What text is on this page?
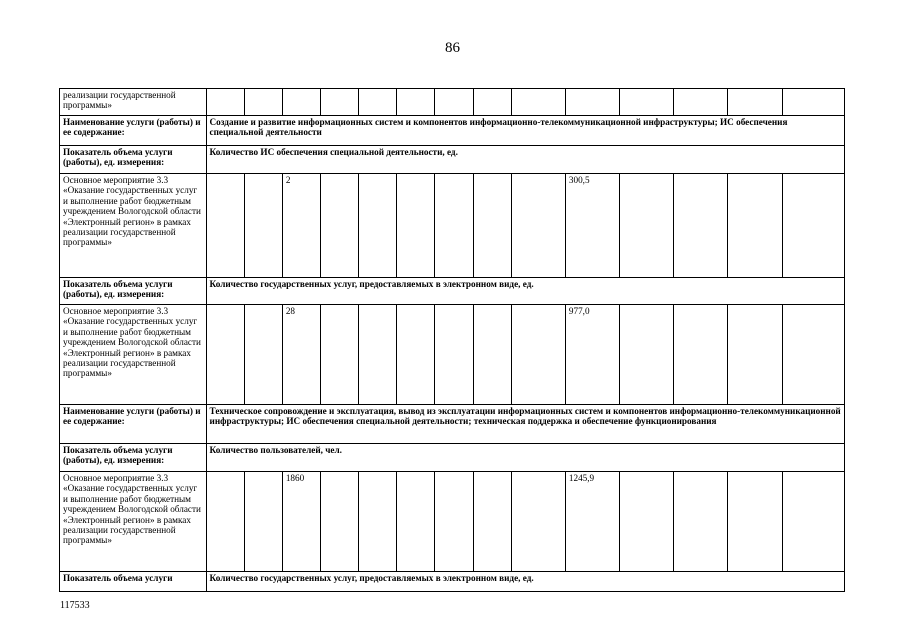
86
реализации государственной программы»														
Наименование услуги (работы) и ее содержание:	Создание и развитие информационных систем и компонентов информационно-телекоммуникационной инфраструктуры; ИС обеспечения специальной деятельности													
Показатель объема услуги (работы), ед. измерения:	Количество ИС обеспечения специальной деятельности, ед.													
Основное мероприятие 3.3 «Оказание государственных услуг и выполнение работ бюджетным учреждением Вологодской области «Электронный регион» в рамках реализации государственной программы»			2							300,5				
Показатель объема услуги (работы), ед. измерения:	Количество государственных услуг, предоставляемых в электронном виде, ед.													
Основное мероприятие 3.3 «Оказание государственных услуг и выполнение работ бюджетным учреждением Вологодской области «Электронный регион» в рамках реализации государственной программы»			28							977,0				
Наименование услуги (работы) и ее содержание:	Техническое сопровождение и эксплуатация, вывод из эксплуатации информационных систем и компонентов информационно-телекоммуникационной инфраструктуры; ИС обеспечения специальной деятельности; техническая поддержка и обеспечение функционирования													
Показатель объема услуги (работы), ед. измерения:	Количество пользователей, чел.													
Основное мероприятие 3.3 «Оказание государственных услуг и выполнение работ бюджетным учреждением Вологодской области «Электронный регион» в рамках реализации государственной программы»			1860							1245,9				
Показатель объема услуги	Количество государственных услуг, предоставляемых в электронном виде, ед.													
117533
